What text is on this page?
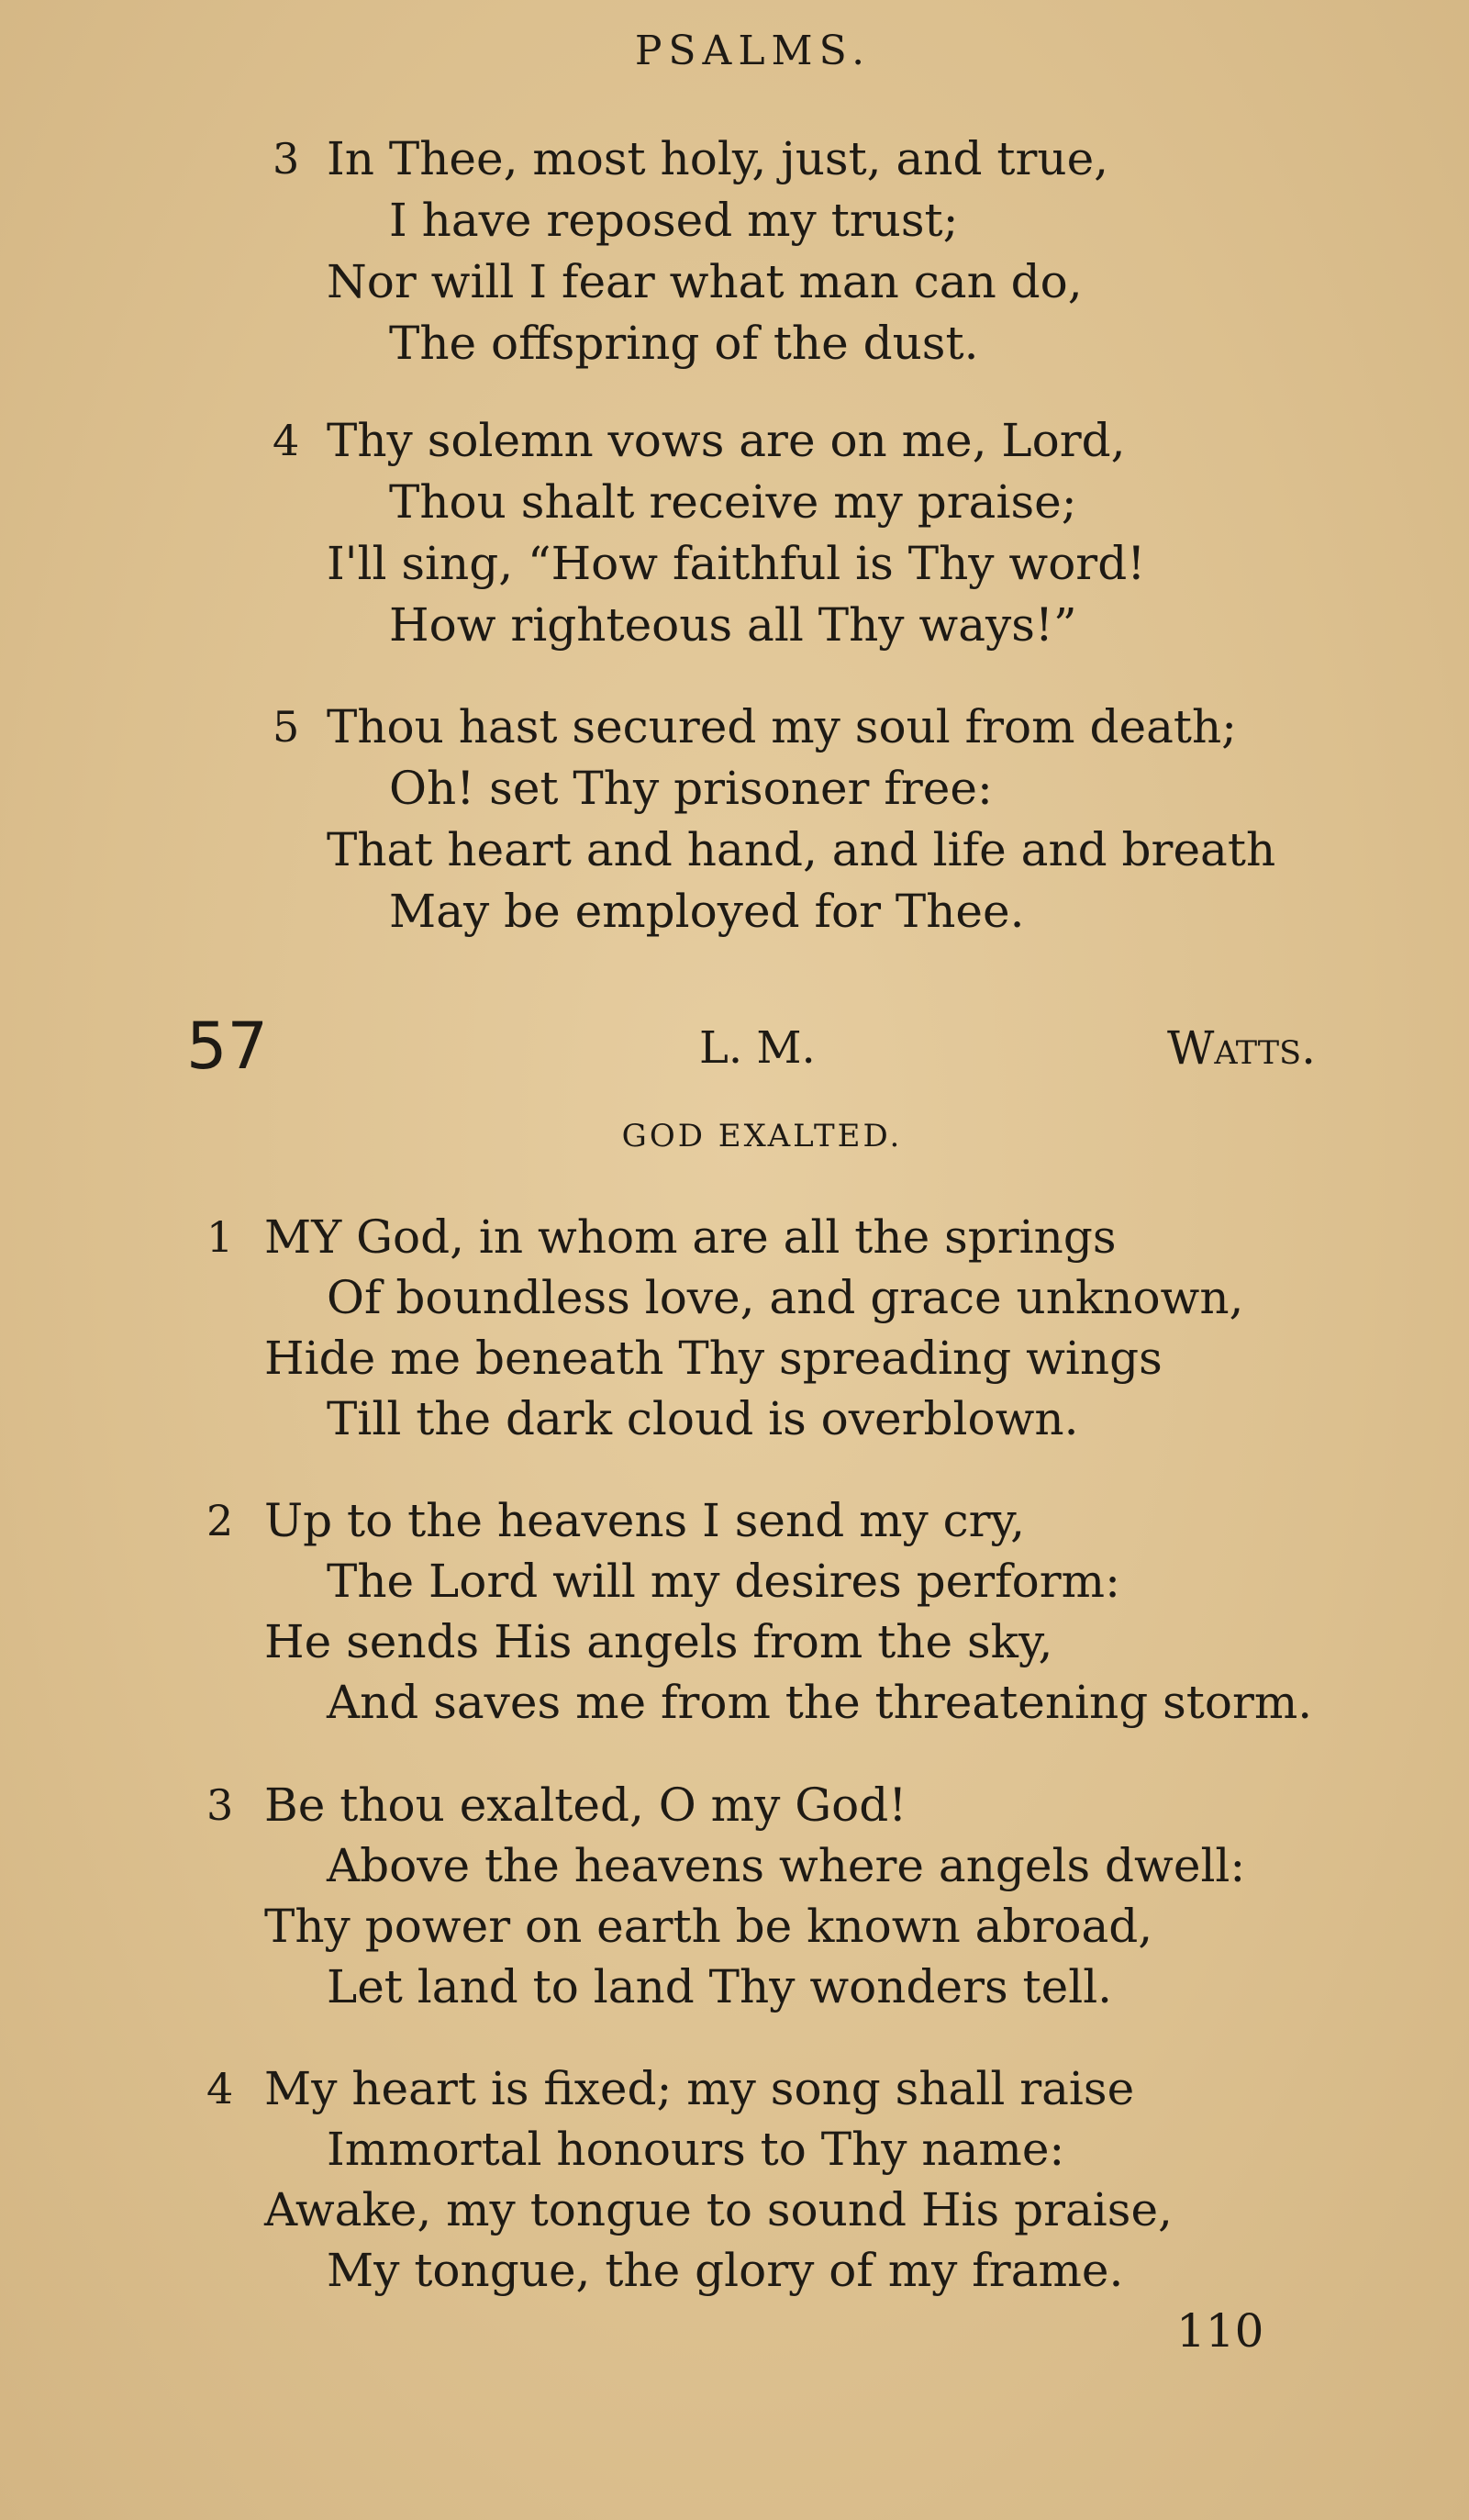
PSALMS.
3 In Thee, most holy, just, and true,
I have reposed my trust;
Nor will I fear what man can do,
The offspring of the dust.
4 Thy solemn vows are on me, Lord,
Thou shalt receive my praise;
I'll sing, “How faithful is Thy word!
How righteous all Thy ways!”
5 Thou hast secured my soul from death;
Oh! set Thy prisoner free:
That heart and hand, and life and breath
May be employed for Thee.
57	L. M.	Watts.
GOD EXALTED.
1 MY God, in whom are all the springs
Of boundless love, and grace unknown,
Hide me beneath Thy spreading wings
Till the dark cloud is overblown.
2 Up to the heavens I send my cry,
The Lord will my desires perform:
He sends His angels from the sky,
And saves me from the threatening storm.
3 Be thou exalted, O my God!
Above the heavens where angels dwell:
Thy power on earth be known abroad,
Let land to land Thy wonders tell.
4 My heart is fixed; my song shall raise
Immortal honours to Thy name:
Awake, my tongue to sound His praise,
My tongue, the glory of my frame.
110
